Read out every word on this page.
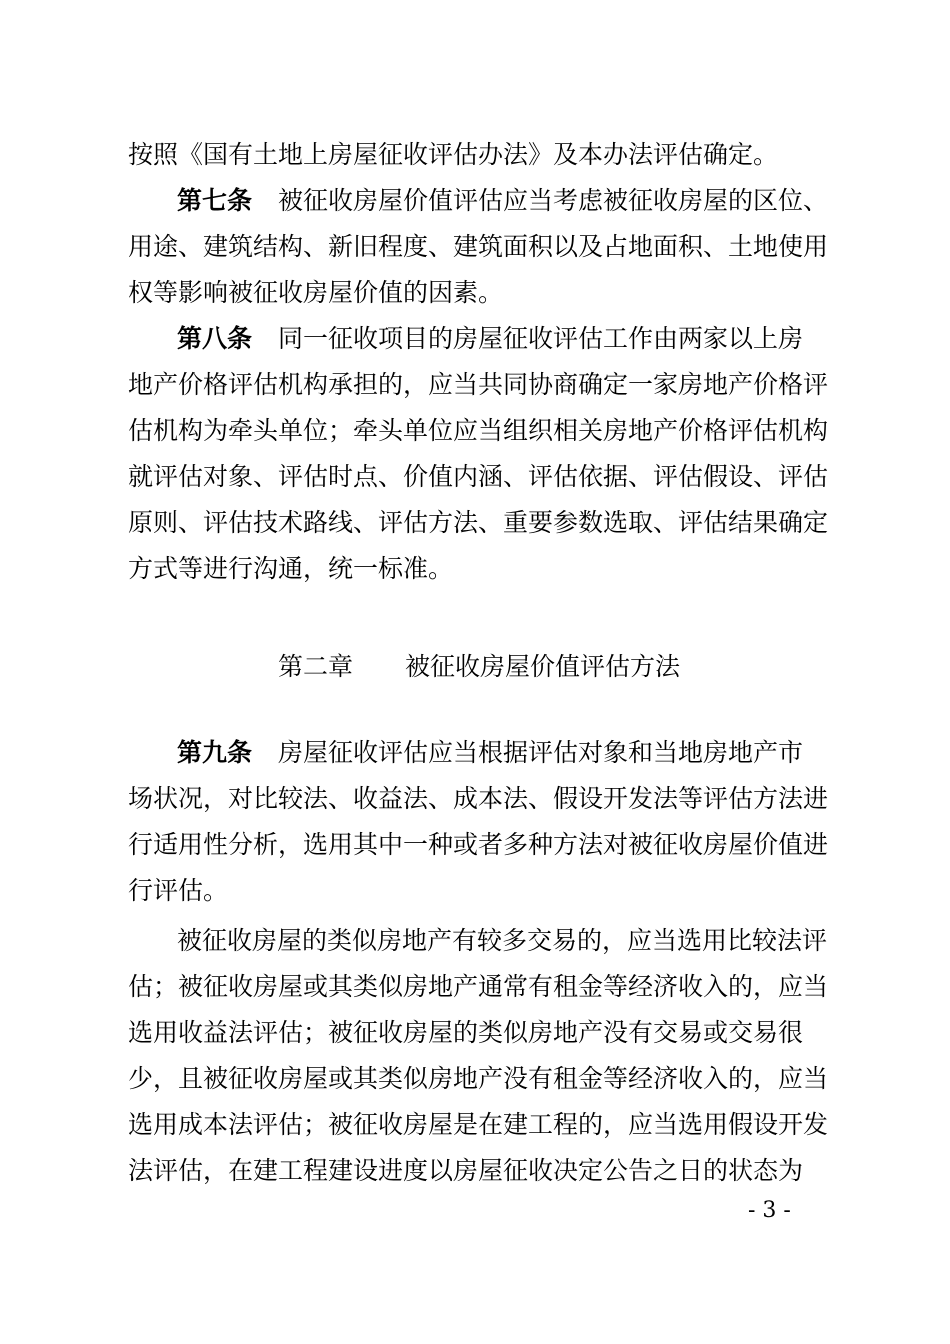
按照《国有土地上房屋征收评估办法》及本办法评估确定。
第七条 被征收房屋价值评估应当考虑被征收房屋的区位、
用途、建筑结构、新旧程度、建筑面积以及占地面积、土地使用
权等影响被征收房屋价值的因素。
第八条 同一征收项目的房屋征收评估工作由两家以上房
地产价格评估机构承担的，应当共同协商确定一家房地产价格评
估机构为牵头单位；牵头单位应当组织相关房地产价格评估机构
就评估对象、评估时点、价值内涵、评估依据、评估假设、评估
原则、评估技术路线、评估方法、重要参数选取、评估结果确定
方式等进行沟通，统一标准。
第二章 被征收房屋价值评估方法
第九条 房屋征收评估应当根据评估对象和当地房地产市
场状况，对比较法、收益法、成本法、假设开发法等评估方法进
行适用性分析，选用其中一种或者多种方法对被征收房屋价值进
行评估。
被征收房屋的类似房地产有较多交易的，应当选用比较法评
估；被征收房屋或其类似房地产通常有租金等经济收入的，应当
选用收益法评估；被征收房屋的类似房地产没有交易或交易很
少，且被征收房屋或其类似房地产没有租金等经济收入的，应当
选用成本法评估；被征收房屋是在建工程的，应当选用假设开发
法评估，在建工程建设进度以房屋征收决定公告之日的状态为
- 3 -
